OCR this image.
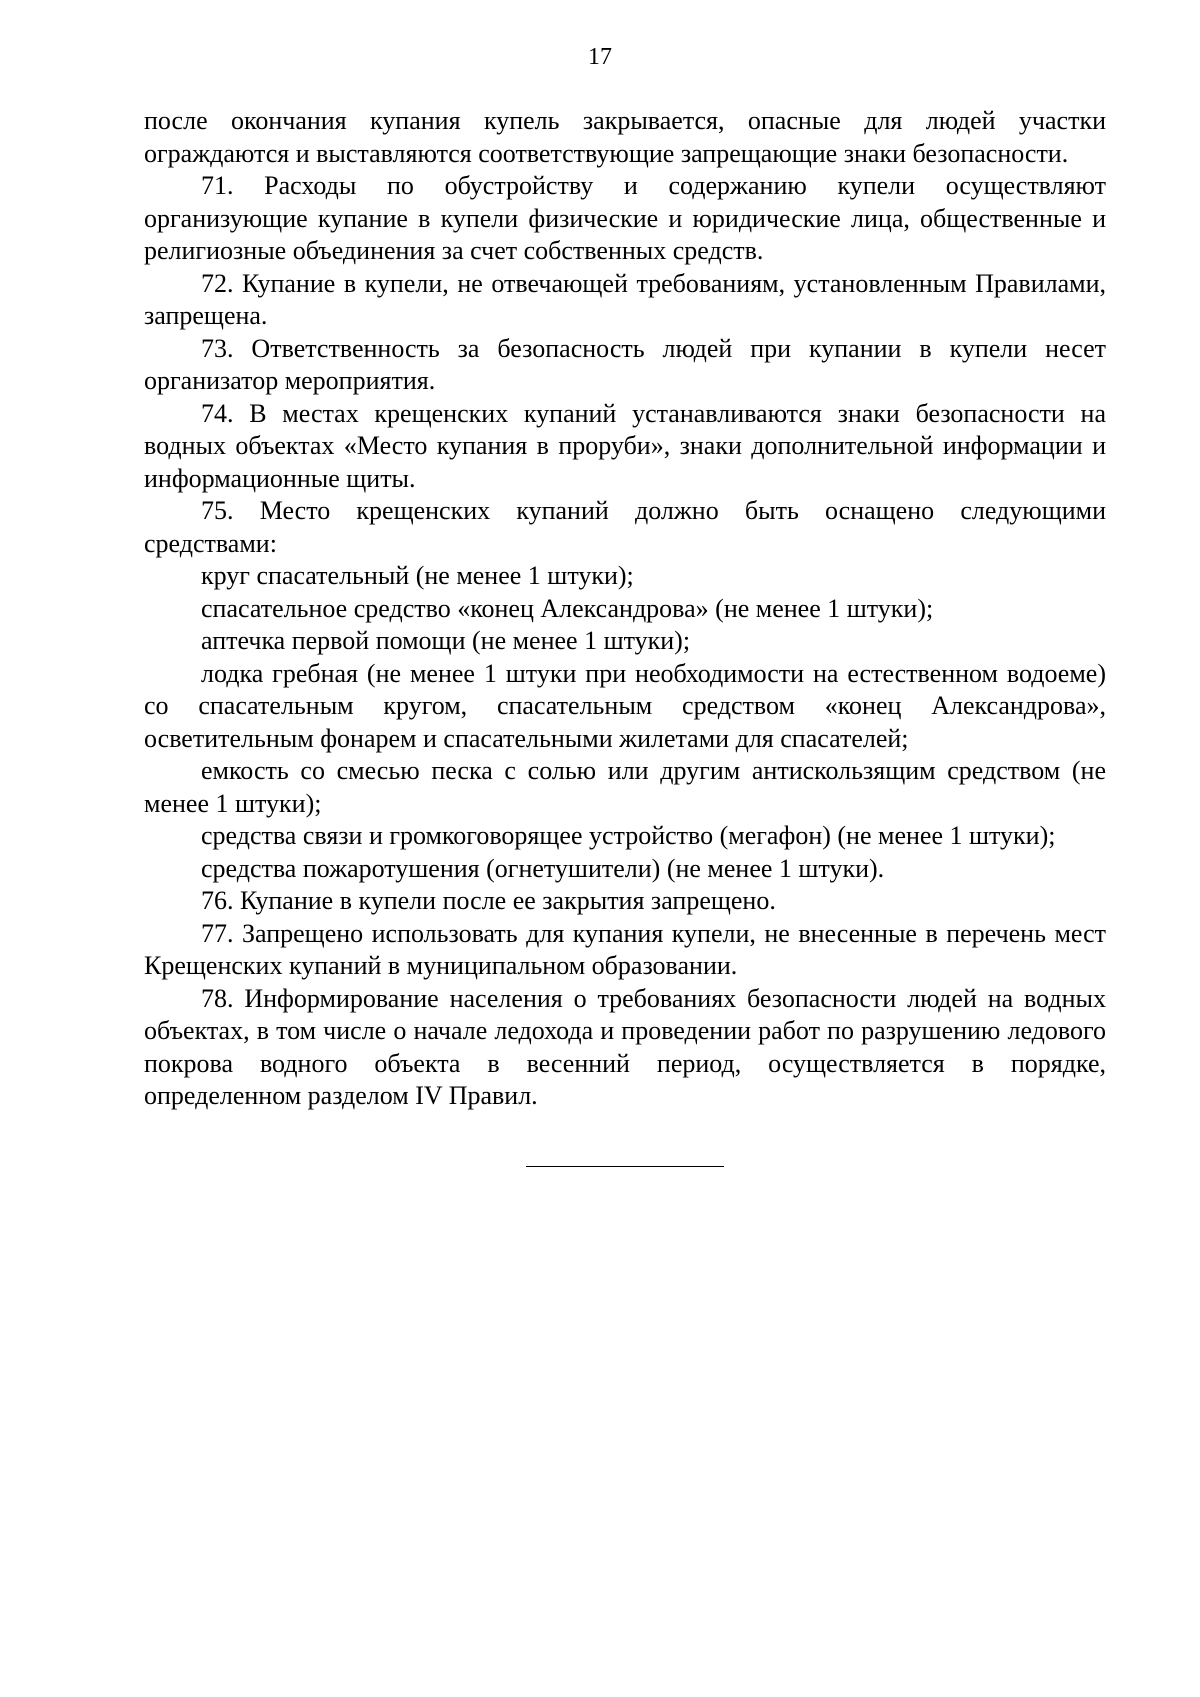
17

после окончания купания купель закрывается, опасные для людей участки ограждаются и выставляются соответствующие запрещающие знаки безопасности.

71. Расходы по обустройству и содержанию купели осуществляют организующие купание в купели физические и юридические лица, общественные и религиозные объединения за счет собственных средств.

72. Купание в купели, не отвечающей требованиям, установленным Правилами, запрещена.

73. Ответственность за безопасность людей при купании в купели несет организатор мероприятия.

74. В местах крещенских купаний устанавливаются знаки безопасности на водных объектах «Место купания в проруби», знаки дополнительной информации и информационные щиты.

75. Место крещенских купаний должно быть оснащено следующими средствами:

круг спасательный (не менее 1 штуки);

спасательное средство «конец Александрова» (не менее 1 штуки);

аптечка первой помощи (не менее 1 штуки);

лодка гребная (не менее 1 штуки при необходимости на естественном водоеме) со спасательным кругом, спасательным средством «конец Александрова», осветительным фонарем и спасательными жилетами для спасателей;

емкость со смесью песка с солью или другим антискользящим средством (не менее 1 штуки);

средства связи и громкоговорящее устройство (мегафон) (не менее 1 штуки);

средства пожаротушения (огнетушители) (не менее 1 штуки).

76. Купание в купели после ее закрытия запрещено.

77. Запрещено использовать для купания купели, не внесенные в перечень мест Крещенских купаний в муниципальном образовании.

78. Информирование населения о требованиях безопасности людей на водных объектах, в том числе о начале ледохода и проведении работ по разрушению ледового покрова водного объекта в весенний период, осуществляется в порядке, определенном разделом IV Правил.
